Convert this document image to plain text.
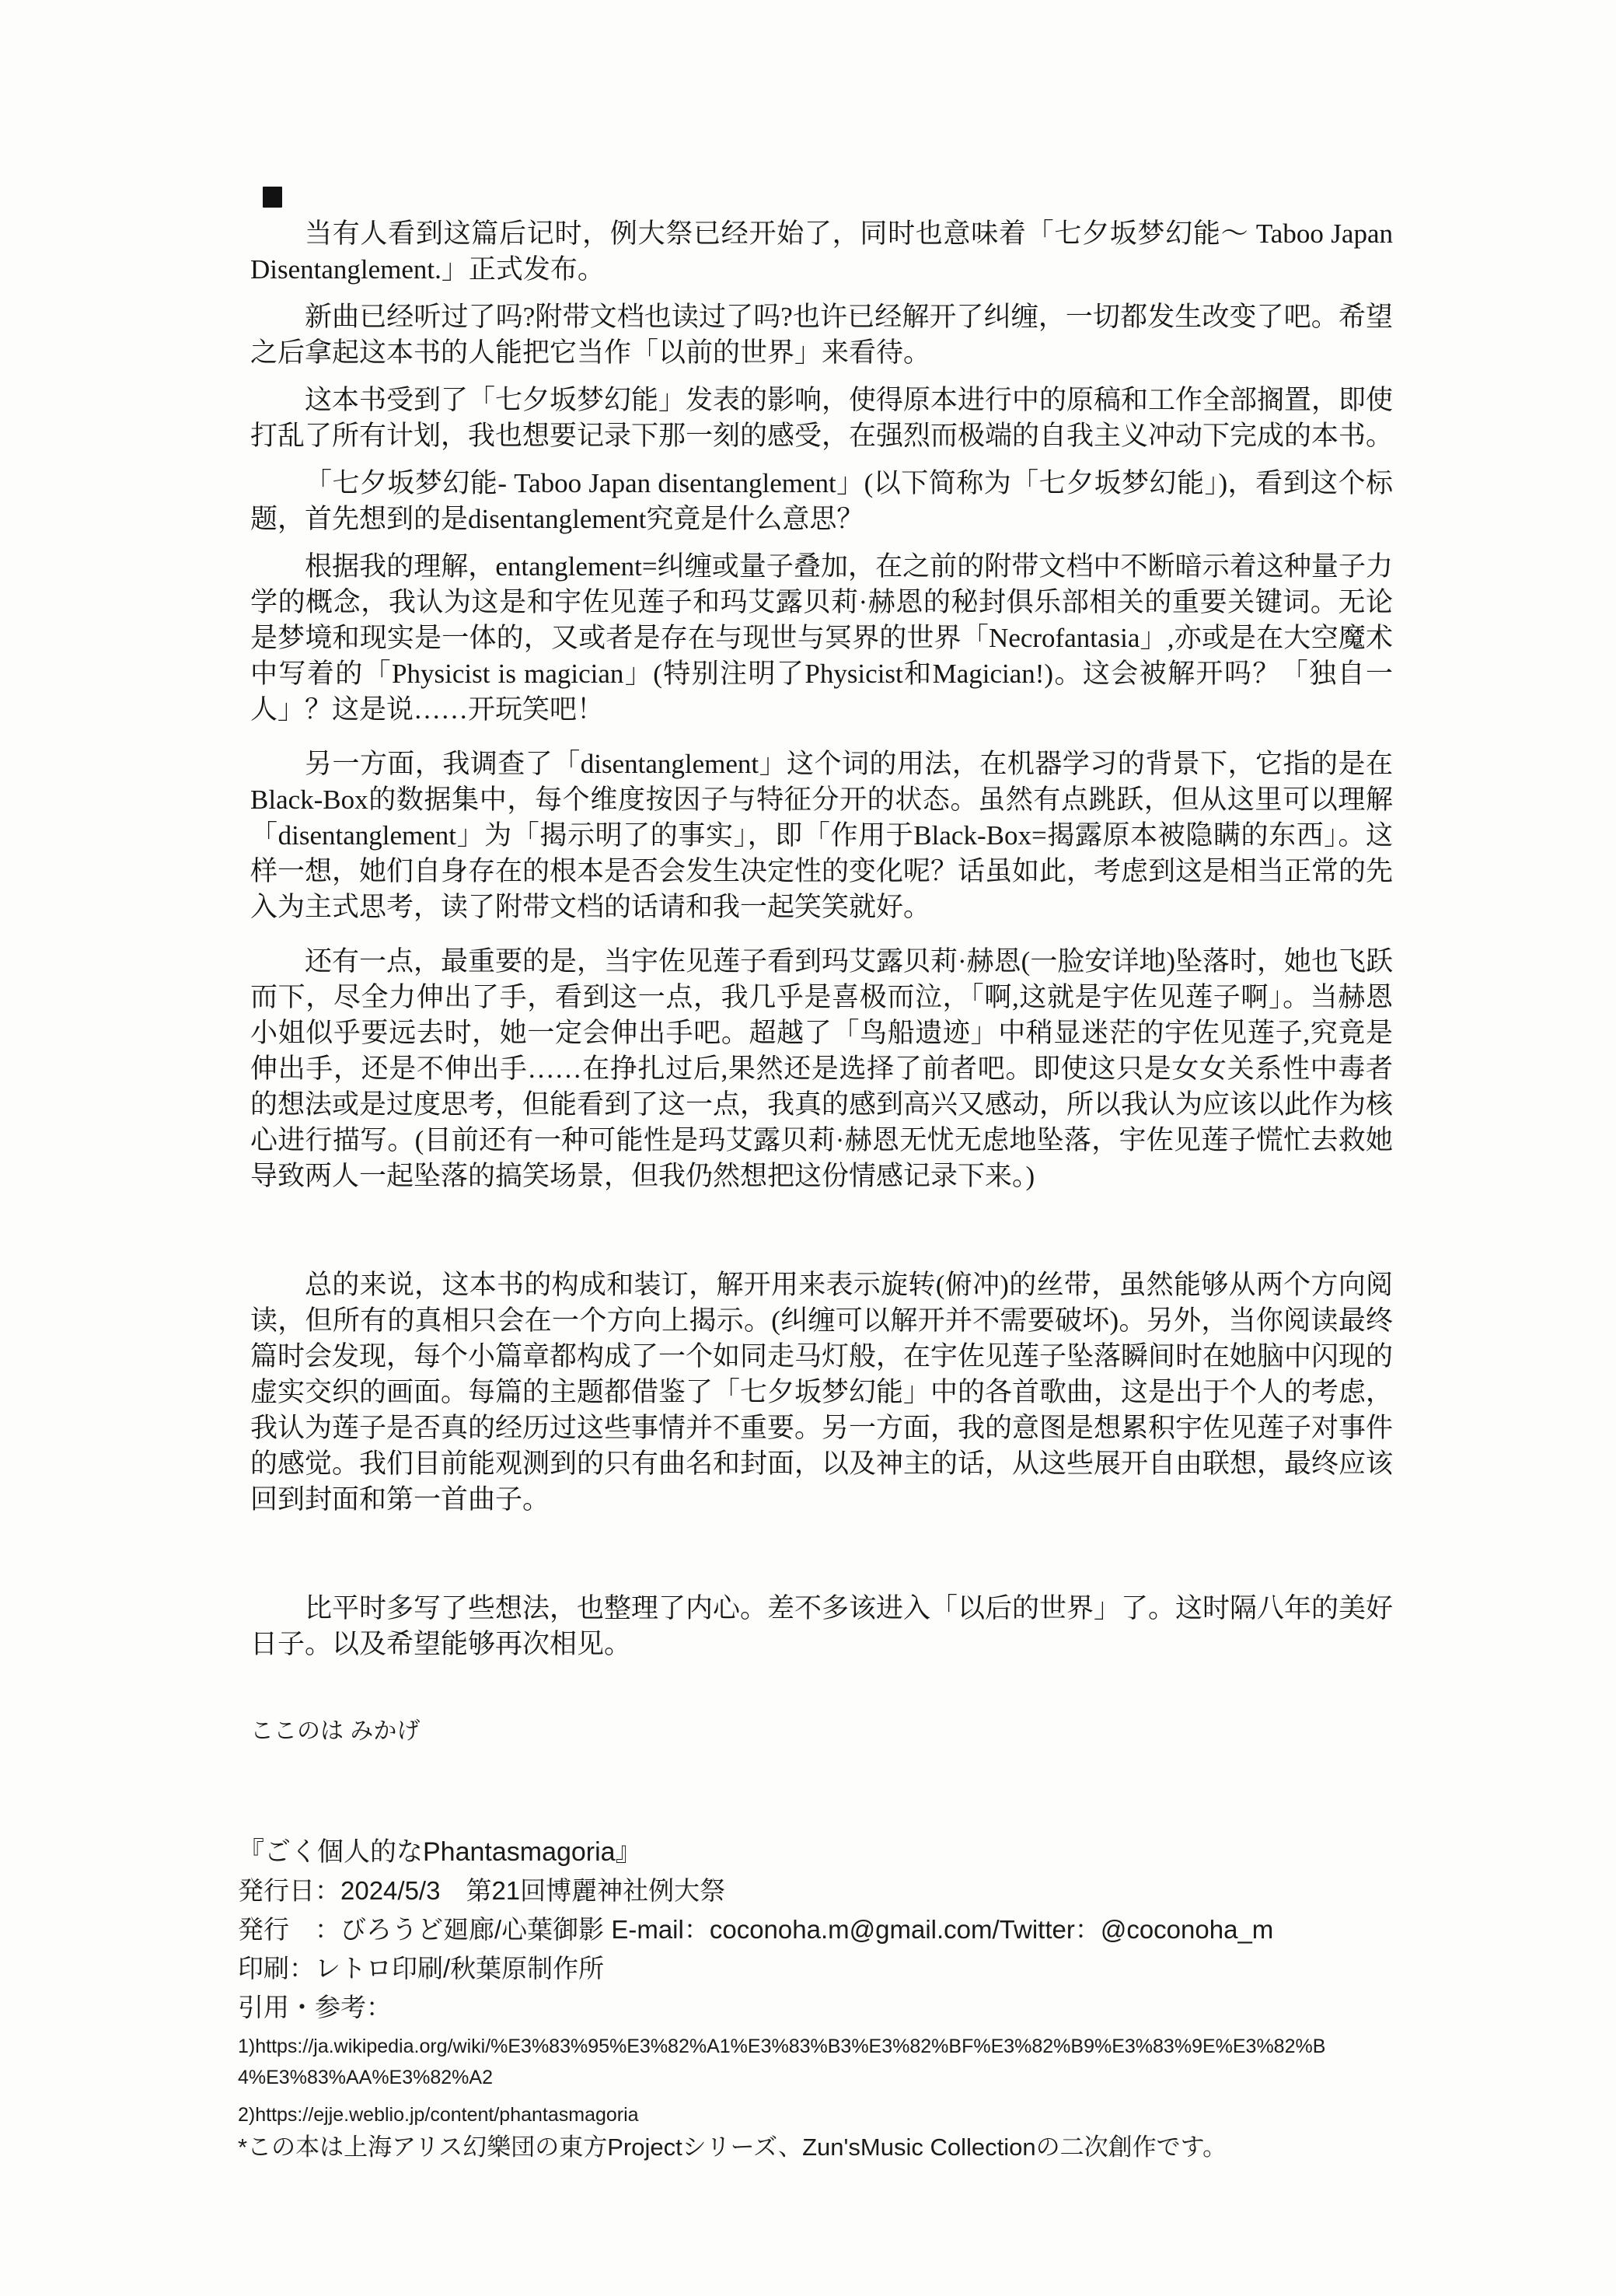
当有人看到这篇后记时，例大祭已经开始了，同时也意味着「七夕坂梦幻能～ Taboo Japan Disentanglement.」正式发布。

新曲已经听过了吗?附带文档也读过了吗?也许已经解开了纠缠，一切都发生改变了吧。希望之后拿起这本书的人能把它当作「以前的世界」来看待。

这本书受到了「七夕坂梦幻能」发表的影响，使得原本进行中的原稿和工作全部搁置，即使打乱了所有计划，我也想要记录下那一刻的感受，在强烈而极端的自我主义冲动下完成的本书。

「七夕坂梦幻能- Taboo Japan disentanglement」(以下简称为「七夕坂梦幻能」)，看到这个标题，首先想到的是disentanglement究竟是什么意思？

根据我的理解，entanglement=纠缠或量子叠加，在之前的附带文档中不断暗示着这种量子力学的概念，我认为这是和宇佐见莲子和玛艾露贝莉·赫恩的秘封俱乐部相关的重要关键词。无论是梦境和现实是一体的，又或者是存在与现世与冥界的世界「Necrofantasia」,亦或是在大空魔术中写着的「Physicist is magician」(特别注明了Physicist和Magician!)。这会被解开吗？「独自一人」？这是说……开玩笑吧！

另一方面，我调查了「disentanglement」这个词的用法，在机器学习的背景下，它指的是在Black-Box的数据集中，每个维度按因子与特征分开的状态。虽然有点跳跃，但从这里可以理解「disentanglement」为「揭示明了的事实」，即「作用于Black-Box=揭露原本被隐瞒的东西」。这样一想，她们自身存在的根本是否会发生决定性的变化呢？话虽如此，考虑到这是相当正常的先入为主式思考，读了附带文档的话请和我一起笑笑就好。

还有一点，最重要的是，当宇佐见莲子看到玛艾露贝莉·赫恩(一脸安详地)坠落时，她也飞跃而下，尽全力伸出了手，看到这一点，我几乎是喜极而泣，「啊,这就是宇佐见莲子啊」。当赫恩小姐似乎要远去时，她一定会伸出手吧。超越了「鸟船遗迹」中稍显迷茫的宇佐见莲子,究竟是伸出手，还是不伸出手……在挣扎过后,果然还是选择了前者吧。即使这只是女女关系性中毒者的想法或是过度思考，但能看到了这一点，我真的感到高兴又感动，所以我认为应该以此作为核心进行描写。(目前还有一种可能性是玛艾露贝莉·赫恩无忧无虑地坠落，宇佐见莲子慌忙去救她导致两人一起坠落的搞笑场景，但我仍然想把这份情感记录下来。)

总的来说，这本书的构成和装订，解开用来表示旋转(俯冲)的丝带，虽然能够从两个方向阅读，但所有的真相只会在一个方向上揭示。(纠缠可以解开并不需要破坏)。另外，当你阅读最终篇时会发现，每个小篇章都构成了一个如同走马灯般，在宇佐见莲子坠落瞬间时在她脑中闪现的虚实交织的画面。每篇的主题都借鉴了「七夕坂梦幻能」中的各首歌曲，这是出于个人的考虑，我认为莲子是否真的经历过这些事情并不重要。另一方面，我的意图是想累积宇佐见莲子对事件的感觉。我们目前能观测到的只有曲名和封面，以及神主的话，从这些展开自由联想，最终应该回到封面和第一首曲子。

比平时多写了些想法，也整理了内心。差不多该进入「以后的世界」了。这时隔八年的美好日子。以及希望能够再次相见。

ここのは みかげ
『ごく個人的なPhantasmagoria』
発行日：2024/5/3　第21回博麗神社例大祭
発行　：びろうど廻廊/心葉御影 E-mail：coconoha.m@gmail.com/Twitter：@coconoha_m
印刷：レトロ印刷/秋葉原制作所
引用・参考：
1)https://ja.wikipedia.org/wiki/%E3%83%95%E3%82%A1%E3%83%B3%E3%82%BF%E3%82%B9%E3%83%9E%E3%82%B4%E3%83%AA%E3%82%A2
2)https://ejje.weblio.jp/content/phantasmagoria
*この本は上海アリス幻樂団の東方Projectシリーズ、Zun'sMusic Collectionの二次創作です。
